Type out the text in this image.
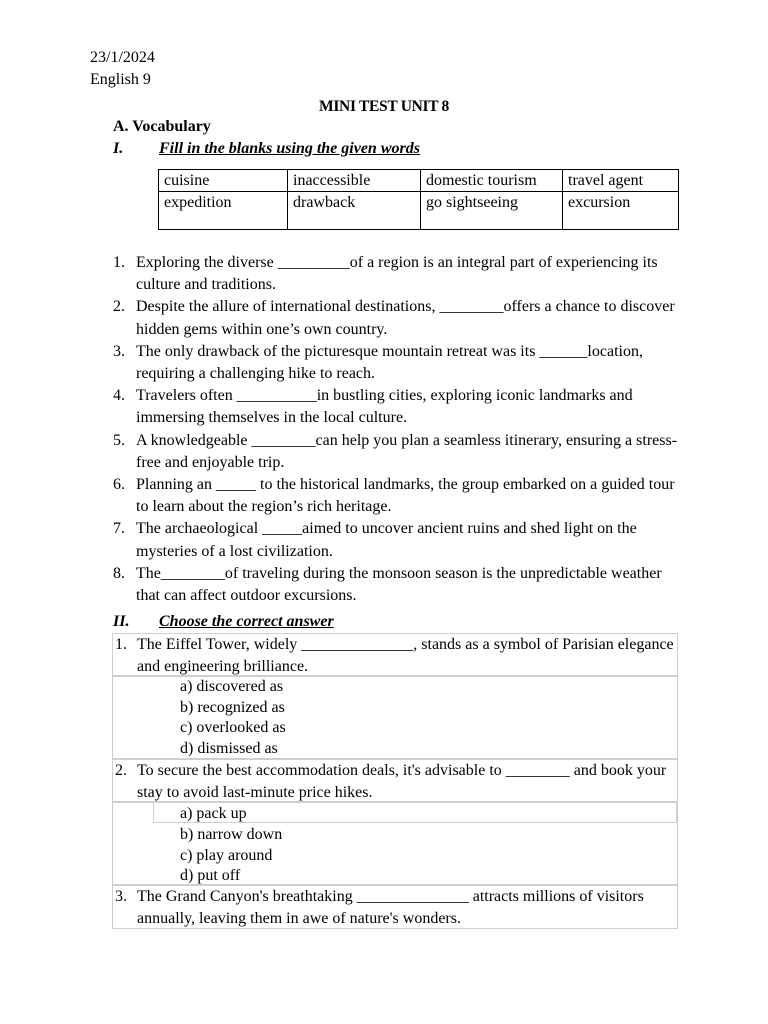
23/1/2024
English 9
MINI TEST UNIT 8
A. Vocabulary
I. Fill in the blanks using the given words
cuisine	inaccessible	domestic tourism	travel agent
expedition	drawback	go sightseeing	excursion
1. Exploring the diverse _________of a region is an integral part of experiencing its culture and traditions.
2. Despite the allure of international destinations, ________offers a chance to discover hidden gems within one’s own country.
3. The only drawback of the picturesque mountain retreat was its ______location, requiring a challenging hike to reach.
4. Travelers often __________in bustling cities, exploring iconic landmarks and immersing themselves in the local culture.
5. A knowledgeable ________can help you plan a seamless itinerary, ensuring a stress-free and enjoyable trip.
6. Planning an _____ to the historical landmarks, the group embarked on a guided tour to learn about the region’s rich heritage.
7. The archaeological _____aimed to uncover ancient ruins and shed light on the mysteries of a lost civilization.
8. The________of traveling during the monsoon season is the unpredictable weather that can affect outdoor excursions.
II. Choose the correct answer
1. The Eiffel Tower, widely ______________, stands as a symbol of Parisian elegance and engineering brilliance.
a) discovered as
b) recognized as
c) overlooked as
d) dismissed as
2. To secure the best accommodation deals, it's advisable to ________ and book your stay to avoid last-minute price hikes.
a) pack up
b) narrow down
c) play around
d) put off
3. The Grand Canyon's breathtaking ______________ attracts millions of visitors annually, leaving them in awe of nature's wonders.
